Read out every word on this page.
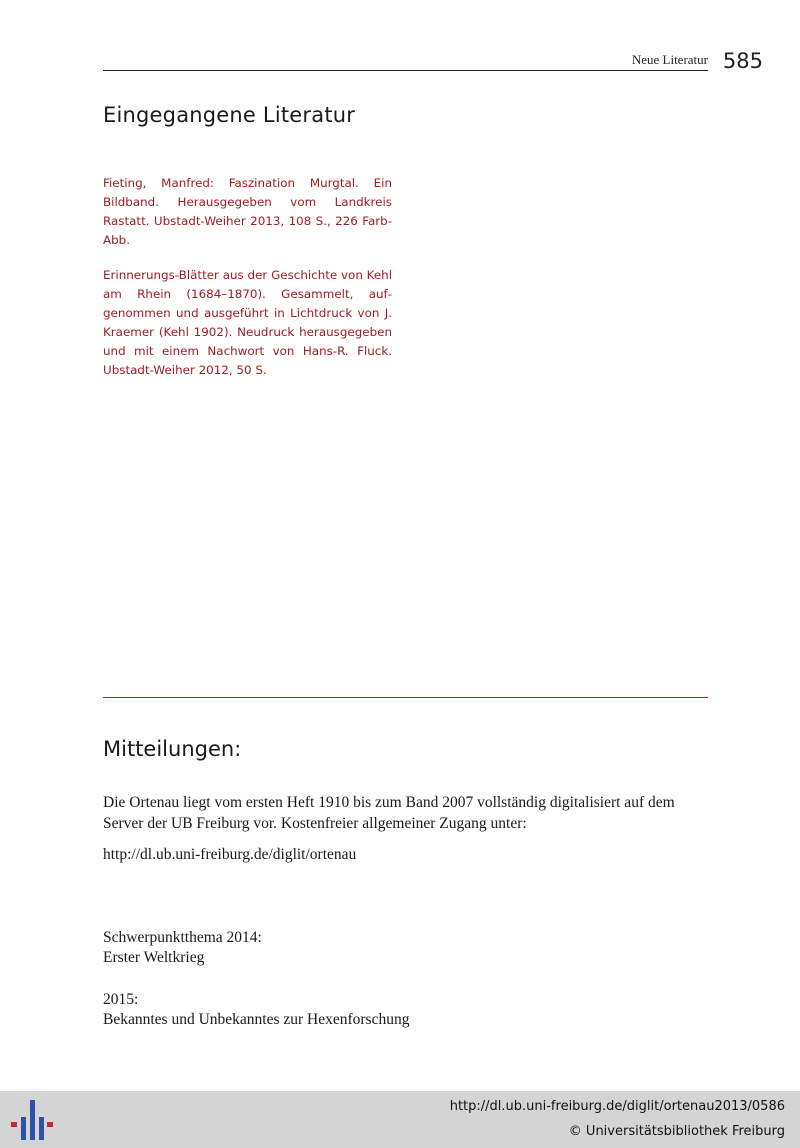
Neue Literatur 585
Eingegangene Literatur

Fieting, Manfred: Faszination Murgtal. Ein Bildband. Herausgegeben vom Landkreis Rastatt. Ubstadt-Weiher 2013, 108 S., 226 Farb-Abb.

Erinnerungs-Blätter aus der Geschichte von Kehl am Rhein (1684–1870). Gesammelt, aufgenommen und ausgeführt in Lichtdruck von J. Kraemer (Kehl 1902). Neudruck herausgegeben und mit einem Nachwort von Hans-R. Fluck. Ubstadt-Weiher 2012, 50 S.

Mitteilungen:

Die Ortenau liegt vom ersten Heft 1910 bis zum Band 2007 vollständig digitalisiert auf dem Server der UB Freiburg vor. Kostenfreier allgemeiner Zugang unter:

http://dl.ub.uni-freiburg.de/diglit/ortenau

Schwerpunktthema 2014:

Erster Weltkrieg

2015:

Bekanntes und Unbekanntes zur Hexenforschung

http://dl.ub.uni-freiburg.de/diglit/ortenau2013/0586
© Universitätsbibliothek Freiburg
